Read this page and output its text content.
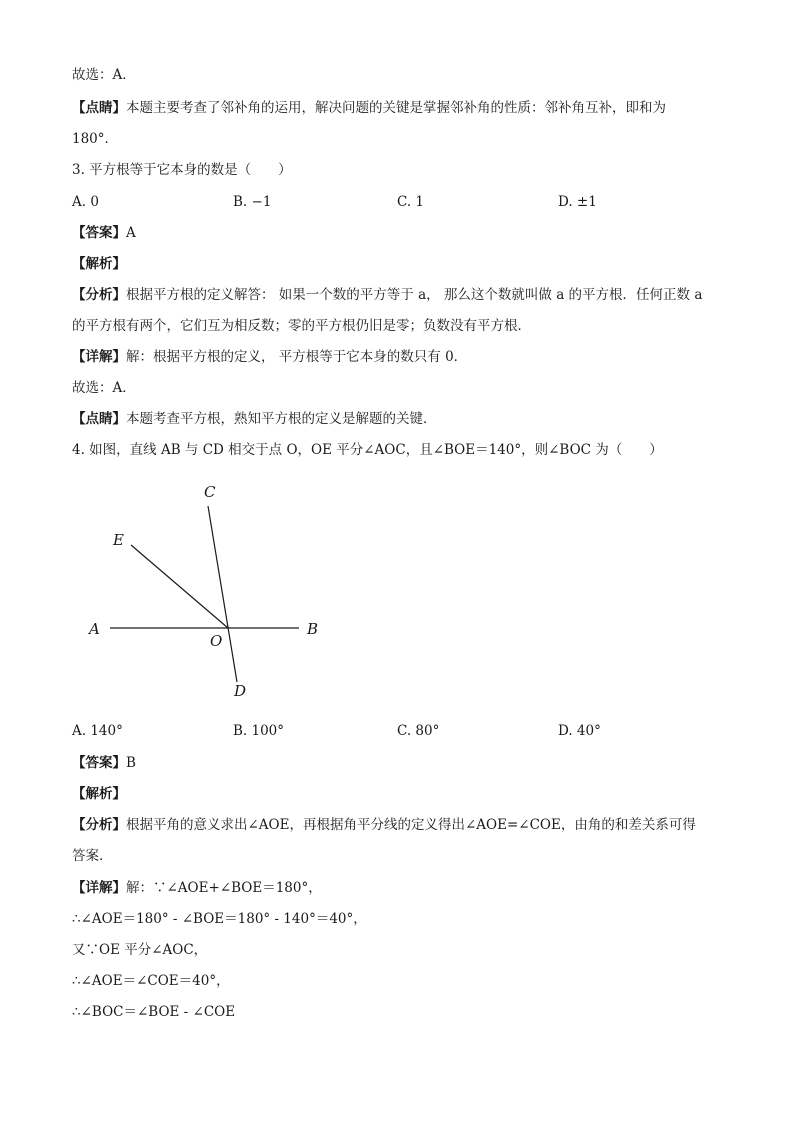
故选：A．
【点睛】本题主要考查了邻补角的运用，解决问题的关键是掌握邻补角的性质：邻补角互补，即和为
180°．
3. 平方根等于它本身的数是（　　）
A. 0	B. −1	C. 1	D. ±1
【答案】A
【解析】
【分析】根据平方根的定义解答： 如果一个数的平方等于 a， 那么这个数就叫做 a 的平方根．任何正数 a
的平方根有两个，它们互为相反数；零的平方根仍旧是零；负数没有平方根．
【详解】解：根据平方根的定义， 平方根等于它本身的数只有 0．
故选：A．
【点睛】本题考查平方根，熟知平方根的定义是解题的关键．
4. 如图，直线 AB 与 CD 相交于点 O，OE 平分∠AOC，且∠BOE＝140°，则∠BOC 为（　　）
C
E
A	B
O
D
A. 140°	B. 100°	C. 80°	D. 40°
【答案】B
【解析】
【分析】根据平角的意义求出∠AOE，再根据角平分线的定义得出∠AOE=∠COE，由角的和差关系可得
答案．
【详解】解：∵∠AOE+∠BOE＝180°，
∴∠AOE＝180° - ∠BOE＝180° - 140°＝40°，
又∵OE 平分∠AOC，
∴∠AOE＝∠COE＝40°，
∴∠BOC＝∠BOE - ∠COE
